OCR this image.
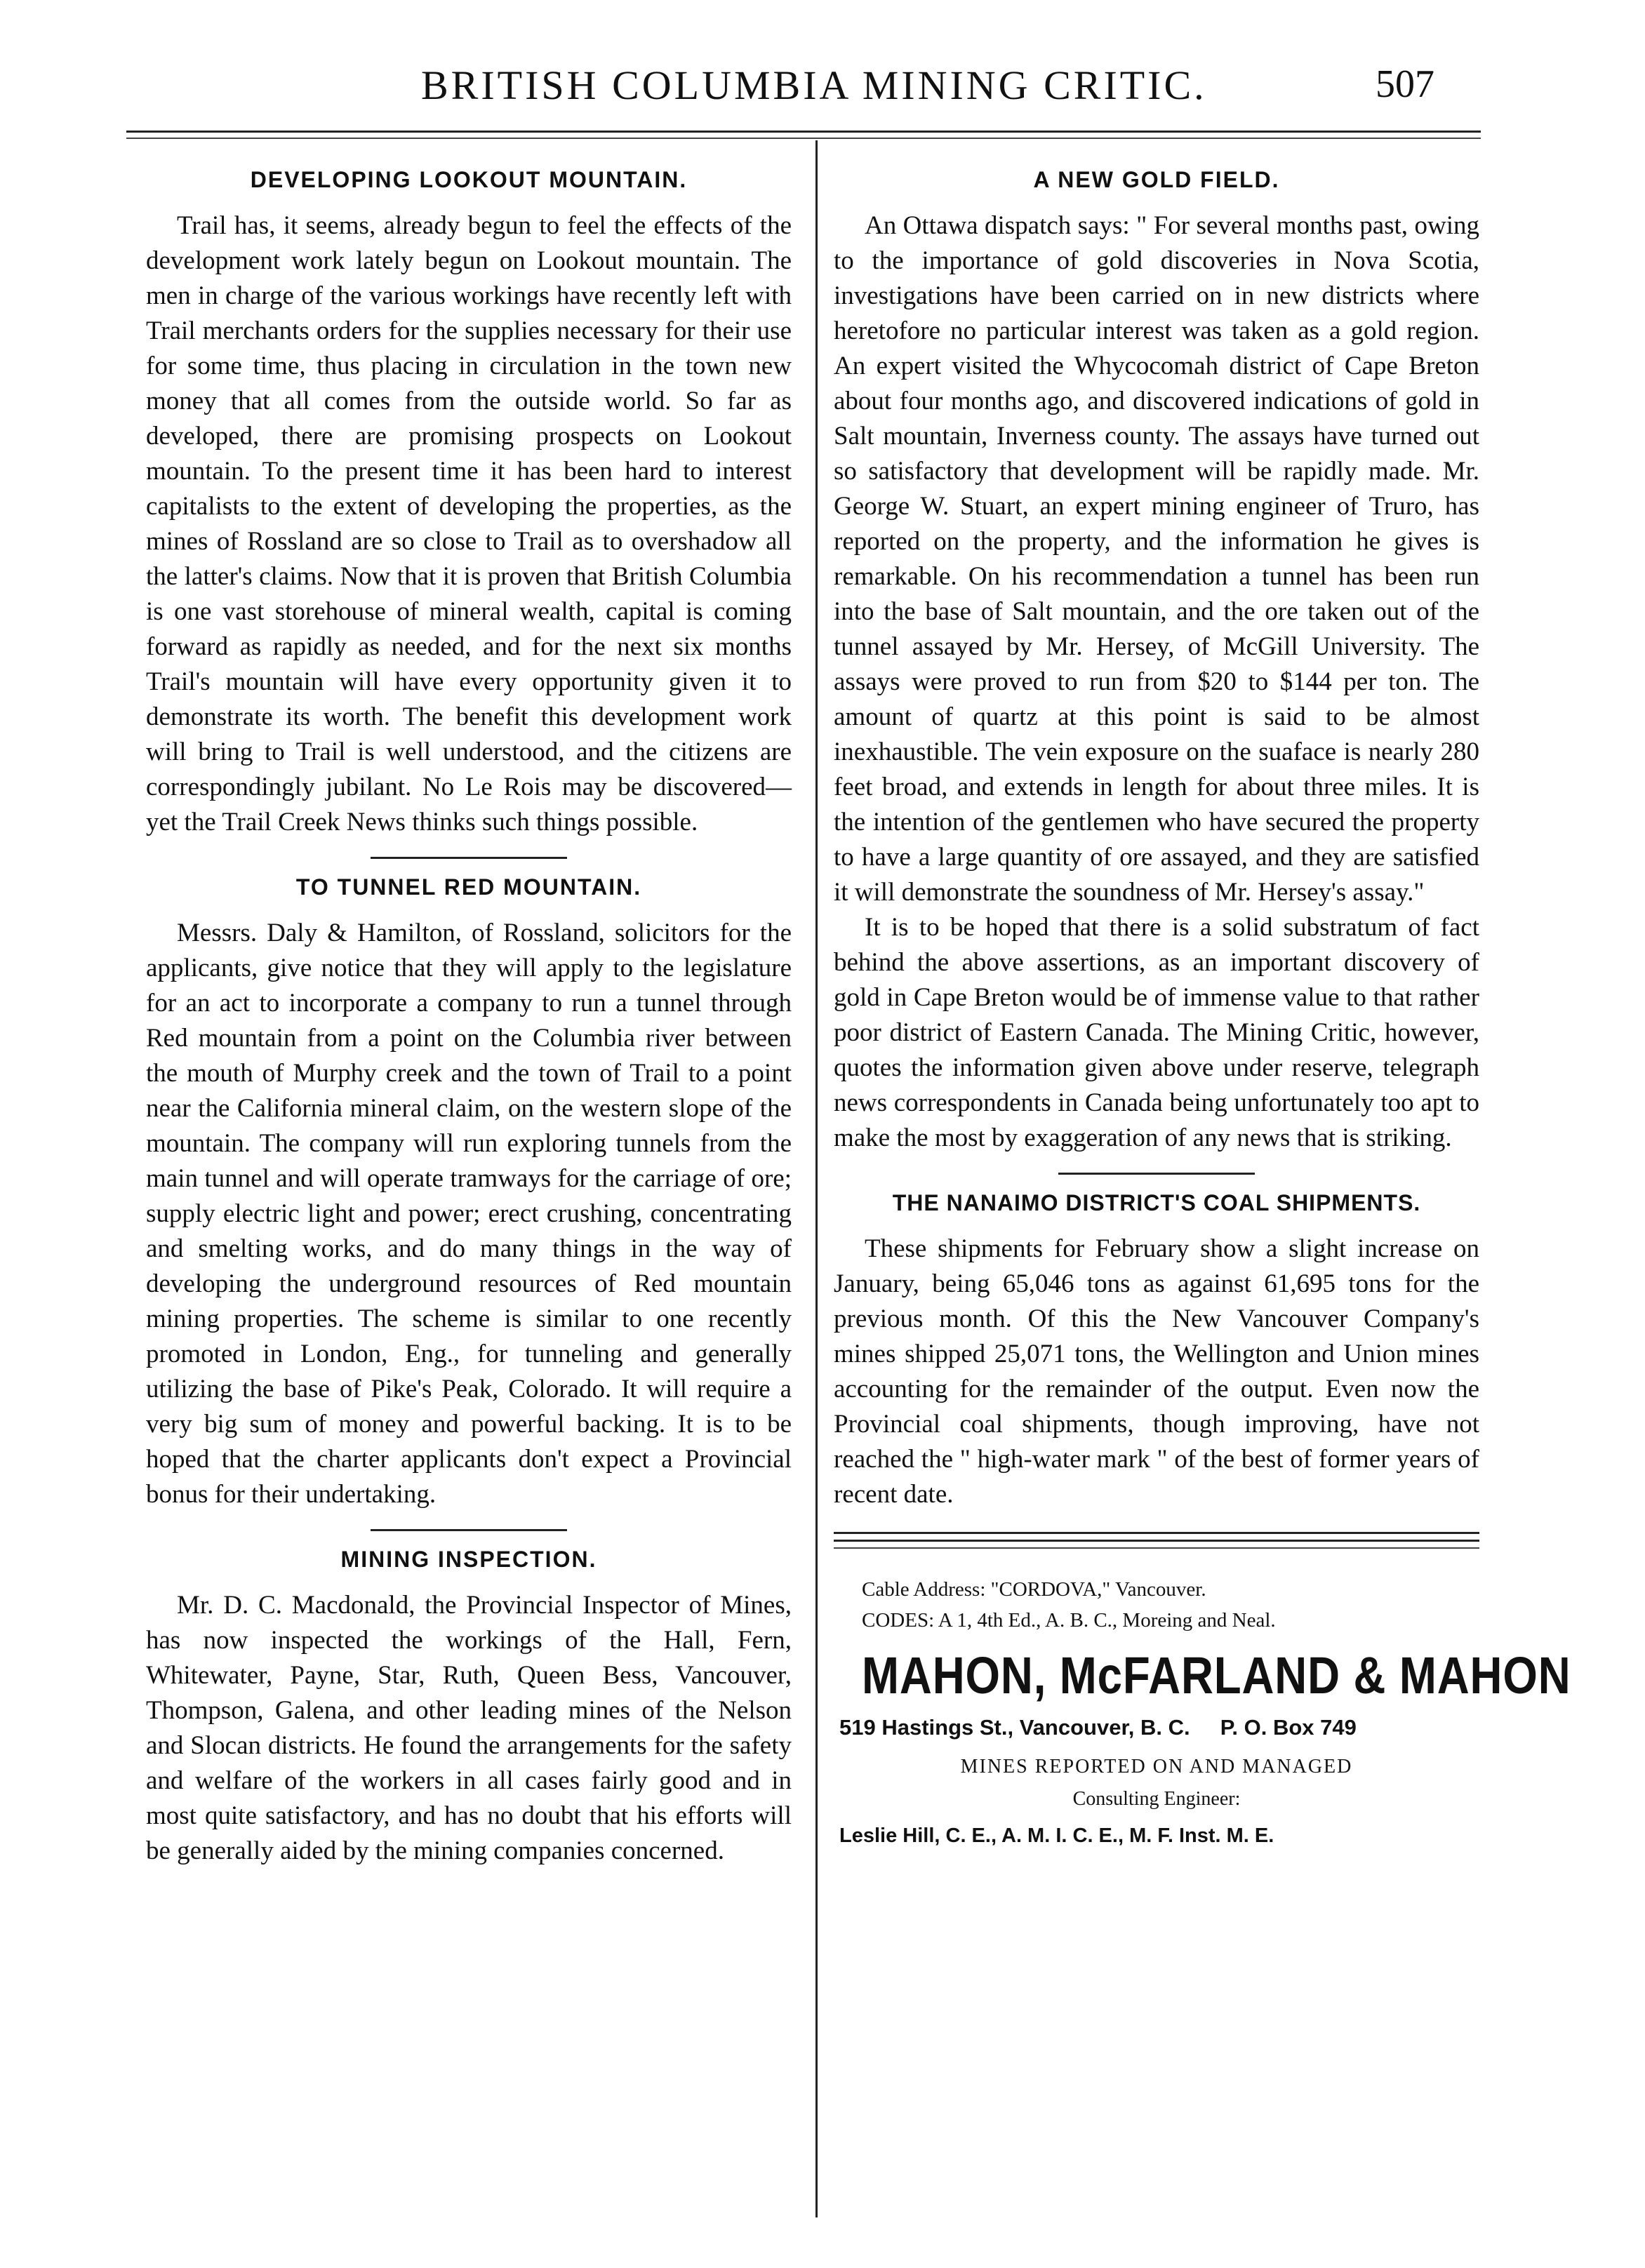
BRITISH COLUMBIA MINING CRITIC.	507
DEVELOPING LOOKOUT MOUNTAIN.

Trail has, it seems, already begun to feel the effects of the development work lately begun on Lookout mountain. The men in charge of the various workings have recently left with Trail merchants orders for the supplies necessary for their use for some time, thus placing in circulation in the town new money that all comes from the outside world. So far as developed, there are promising prospects on Lookout mountain. To the present time it has been hard to interest capitalists to the extent of developing the properties, as the mines of Rossland are so close to Trail as to overshadow all the latter's claims. Now that it is proven that British Columbia is one vast storehouse of mineral wealth, capital is coming forward as rapidly as needed, and for the next six months Trail's mountain will have every opportunity given it to demonstrate its worth. The benefit this development work will bring to Trail is well understood, and the citizens are correspondingly jubilant. No Le Rois may be discovered—yet the Trail Creek News thinks such things possible.

TO TUNNEL RED MOUNTAIN.

Messrs. Daly & Hamilton, of Rossland, solicitors for the applicants, give notice that they will apply to the legislature for an act to incorporate a company to run a tunnel through Red mountain from a point on the Columbia river between the mouth of Murphy creek and the town of Trail to a point near the California mineral claim, on the western slope of the mountain. The company will run exploring tunnels from the main tunnel and will operate tramways for the carriage of ore; supply electric light and power; erect crushing, concentrating and smelting works, and do many things in the way of developing the underground resources of Red mountain mining properties. The scheme is similar to one recently promoted in London, Eng., for tunneling and generally utilizing the base of Pike's Peak, Colorado. It will require a very big sum of money and powerful backing. It is to be hoped that the charter applicants don't expect a Provincial bonus for their undertaking.

MINING INSPECTION.

Mr. D. C. Macdonald, the Provincial Inspector of Mines, has now inspected the workings of the Hall, Fern, Whitewater, Payne, Star, Ruth, Queen Bess, Vancouver, Thompson, Galena, and other leading mines of the Nelson and Slocan districts. He found the arrangements for the safety and welfare of the workers in all cases fairly good and in most quite satisfactory, and has no doubt that his efforts will be generally aided by the mining companies concerned.

A NEW GOLD FIELD.

An Ottawa dispatch says: " For several months past, owing to the importance of gold discoveries in Nova Scotia, investigations have been carried on in new districts where heretofore no particular interest was taken as a gold region. An expert visited the Whycocomah district of Cape Breton about four months ago, and discovered indications of gold in Salt mountain, Inverness county. The assays have turned out so satisfactory that development will be rapidly made. Mr. George W. Stuart, an expert mining engineer of Truro, has reported on the property, and the information he gives is remarkable. On his recommendation a tunnel has been run into the base of Salt mountain, and the ore taken out of the tunnel assayed by Mr. Hersey, of McGill University. The assays were proved to run from $20 to $144 per ton. The amount of quartz at this point is said to be almost inexhaustible. The vein exposure on the suaface is nearly 280 feet broad, and extends in length for about three miles. It is the intention of the gentlemen who have secured the property to have a large quantity of ore assayed, and they are satisfied it will demonstrate the soundness of Mr. Hersey's assay."

It is to be hoped that there is a solid substratum of fact behind the above assertions, as an important discovery of gold in Cape Breton would be of immense value to that rather poor district of Eastern Canada. The Mining Critic, however, quotes the information given above under reserve, telegraph news correspondents in Canada being unfortunately too apt to make the most by exaggeration of any news that is striking.

THE NANAIMO DISTRICT'S COAL SHIPMENTS.

These shipments for February show a slight increase on January, being 65,046 tons as against 61,695 tons for the previous month. Of this the New Vancouver Company's mines shipped 25,071 tons, the Wellington and Union mines accounting for the remainder of the output. Even now the Provincial coal shipments, though improving, have not reached the " high-water mark " of the best of former years of recent date.

Cable Address: "CORDOVA," Vancouver.
CODES: A 1, 4th Ed., A. B. C., Moreing and Neal.
MAHON, McFARLAND & MAHON
519 Hastings St., Vancouver, B. C.     P. O. Box 749
MINES REPORTED ON AND MANAGED
Consulting Engineer:
Leslie Hill, C. E., A. M. I. C. E., M. F. Inst. M. E.
